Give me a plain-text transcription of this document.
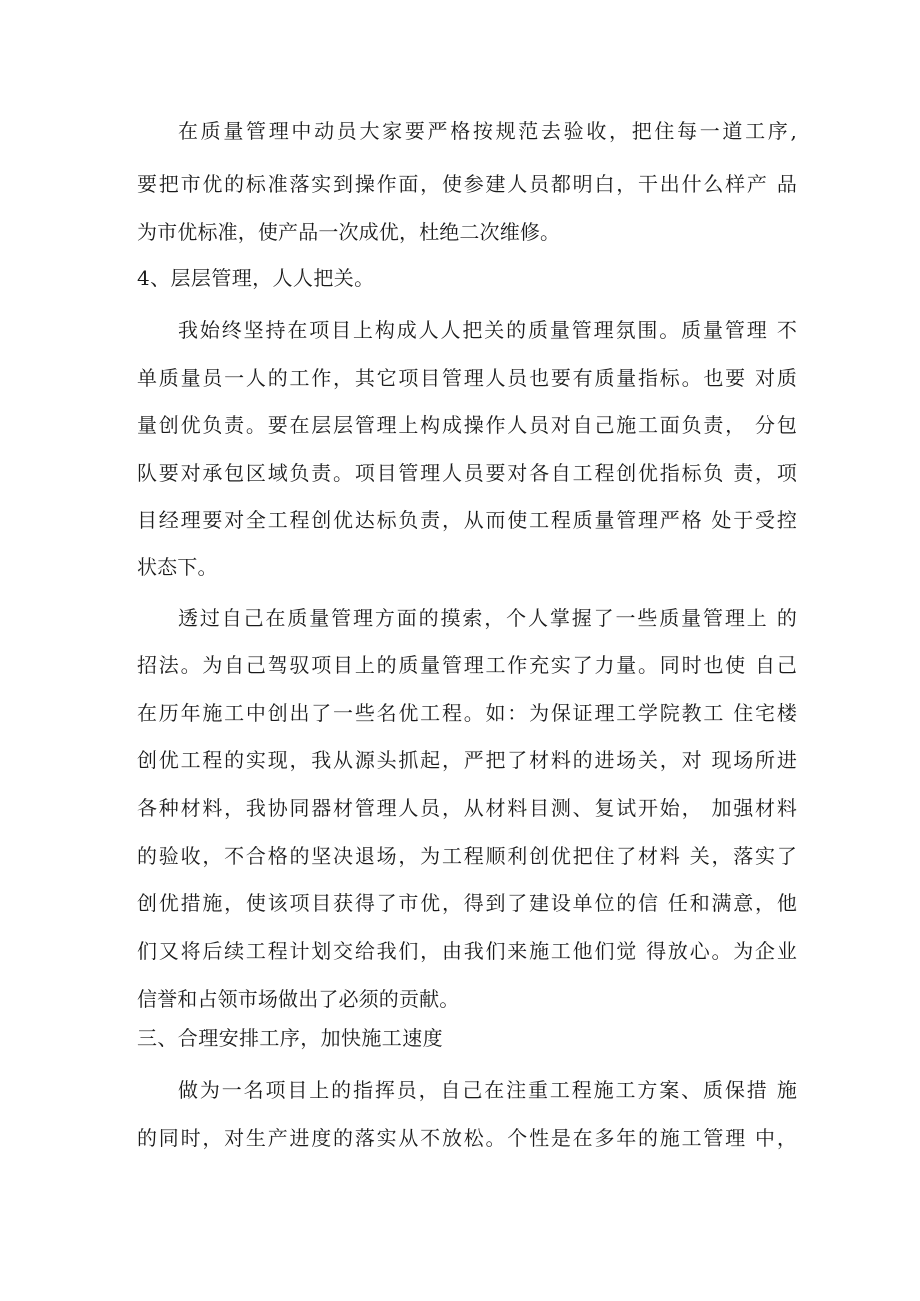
在质量管理中动员大家要严格按规范去验收，把住每一道工序,
要把市优的标准落实到操作面，使参建人员都明白，干出什么样产 品
为市优标准，使产品一次成优，杜绝二次维修。
4、层层管理，人人把关。
我始终坚持在项目上构成人人把关的质量管理氛围。质量管理 不
单质量员一人的工作，其它项目管理人员也要有质量指标。也要 对质
量创优负责。要在层层管理上构成操作人员对自己施工面负责， 分包
队要对承包区域负责。项目管理人员要对各自工程创优指标负 责，项
目经理要对全工程创优达标负责，从而使工程质量管理严格 处于受控
状态下。
透过自己在质量管理方面的摸索，个人掌握了一些质量管理上 的
招法。为自己驾驭项目上的质量管理工作充实了力量。同时也使 自己
在历年施工中创出了一些名优工程。如：为保证理工学院教工 住宅楼
创优工程的实现，我从源头抓起，严把了材料的进场关，对 现场所进
各种材料，我协同器材管理人员，从材料目测、复试开始， 加强材料
的验收，不合格的坚决退场，为工程顺利创优把住了材料 关，落实了
创优措施，使该项目获得了市优，得到了建设单位的信 任和满意，他
们又将后续工程计划交给我们，由我们来施工他们觉 得放心。为企业
信誉和占领市场做出了必须的贡献。
三、合理安排工序，加快施工速度
做为一名项目上的指挥员，自己在注重工程施工方案、质保措 施
的同时，对生产进度的落实从不放松。个性是在多年的施工管理 中，
